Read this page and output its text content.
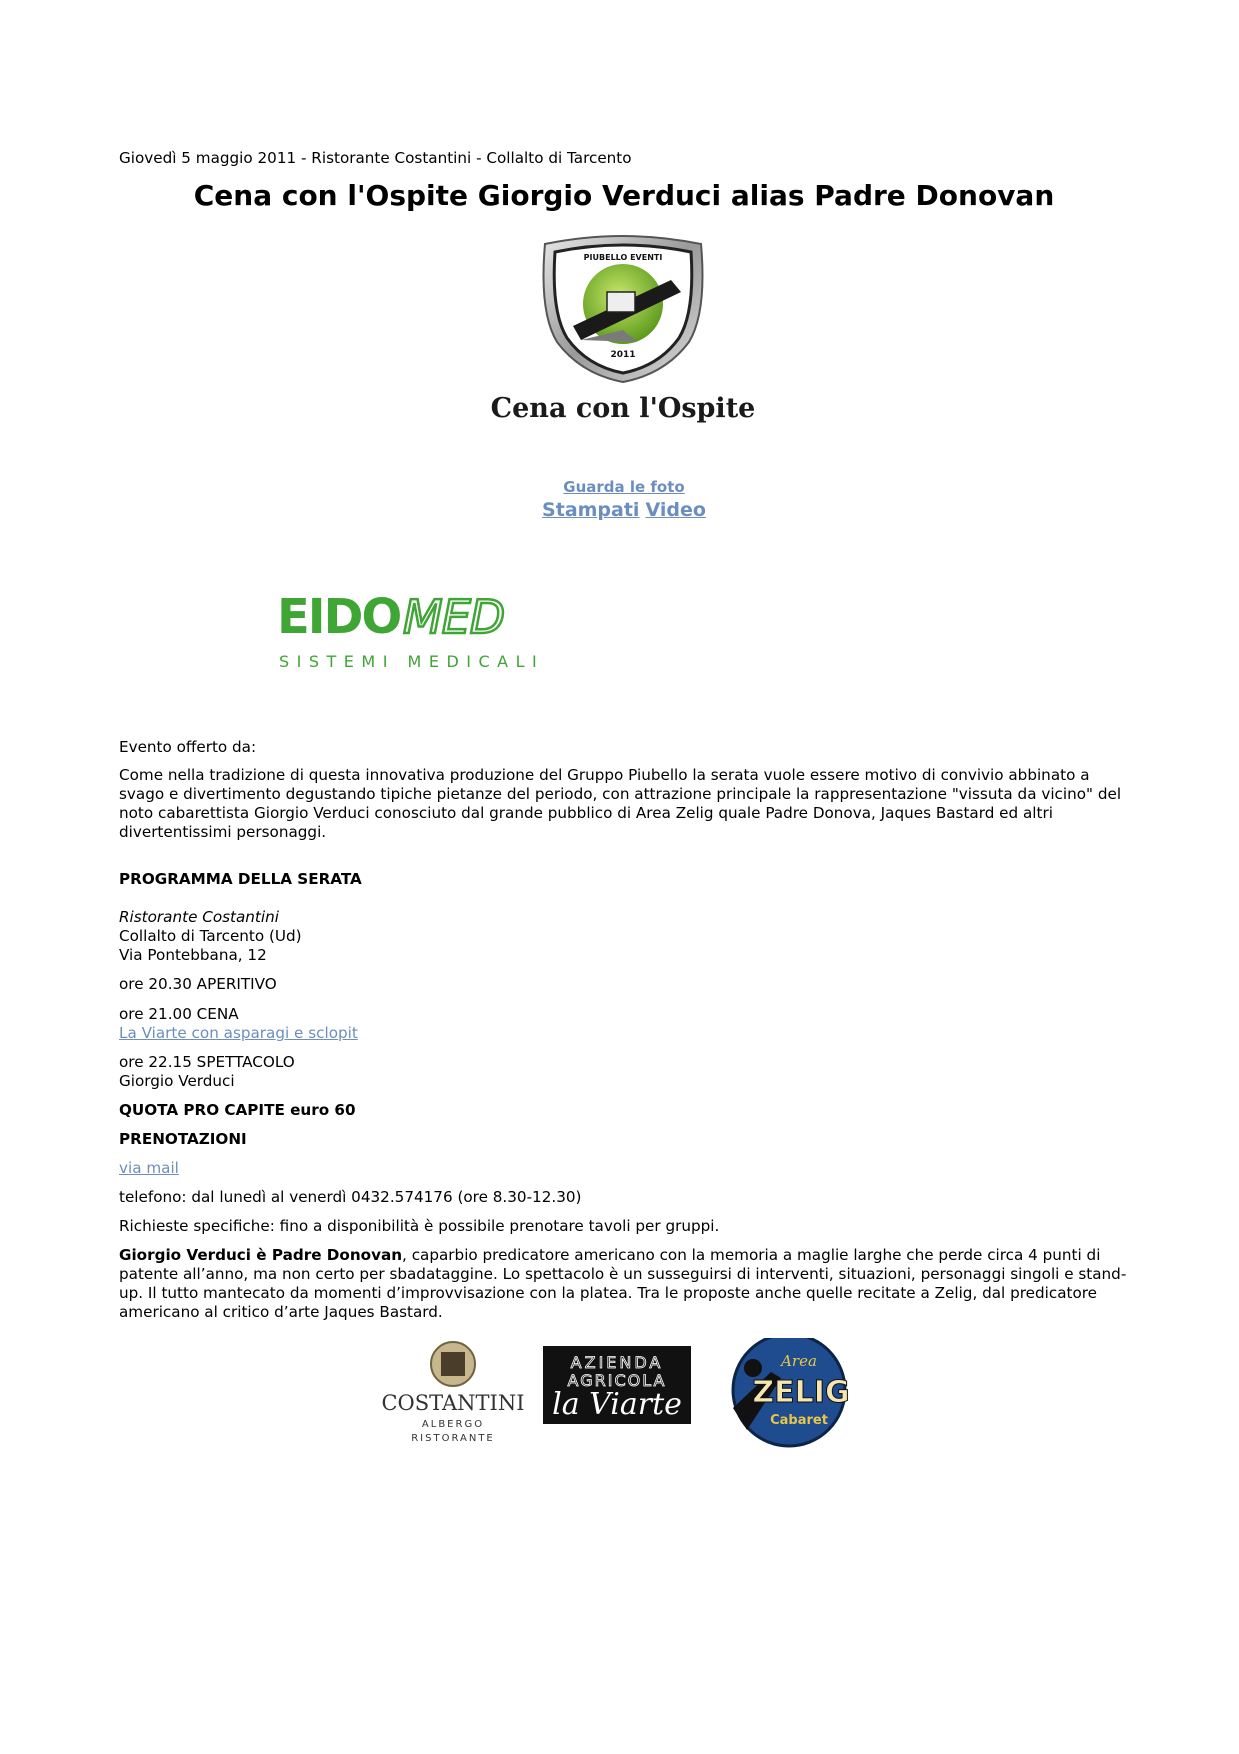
Giovedì 5 maggio 2011 - Ristorante Costantini - Collalto di Tarcento
Cena con l'Ospite Giorgio Verduci alias Padre Donovan
PIUBELLO EVENTI
2011
Cena con l'Ospite
Guarda le foto
Stampati Video
EIDO MED
SISTEMI MEDICALI

Evento offerto da:

Come nella tradizione di questa innovativa produzione del Gruppo Piubello la serata vuole essere motivo di convivio abbinato a svago e divertimento degustando tipiche pietanze del periodo, con attrazione principale la rappresentazione "vissuta da vicino" del noto cabarettista Giorgio Verduci conosciuto dal grande pubblico di Area Zelig quale Padre Donova, Jaques Bastard ed altri divertentissimi personaggi.

PROGRAMMA DELLA SERATA

Ristorante Costantini

Collalto di Tarcento (Ud)

Via Pontebbana, 12

ore 20.30 APERITIVO

ore 21.00 CENA

La Viarte con asparagi e sclopit

ore 22.15 SPETTACOLO

Giorgio Verduci

QUOTA PRO CAPITE euro 60

PRENOTAZIONI

via mail

telefono: dal lunedì al venerdì 0432.574176 (ore 8.30-12.30)

Richieste specifiche: fino a disponibilità è possibile prenotare tavoli per gruppi.

Giorgio Verduci è Padre Donovan, caparbio predicatore americano con la memoria a maglie larghe che perde circa 4 punti di patente all’anno, ma non certo per sbadataggine. Lo spettacolo è un susseguirsi di interventi, situazioni, personaggi singoli e stand-up. Il tutto mantecato da momenti d’improvvisazione con la platea. Tra le proposte anche quelle recitate a Zelig, dal predicatore americano al critico d’arte Jaques Bastard.

COSTANTINI
ALBERGO
RISTORANTE
AZIENDA
AGRICOLA
la Viarte
Area
ZELIG
Cabaret
